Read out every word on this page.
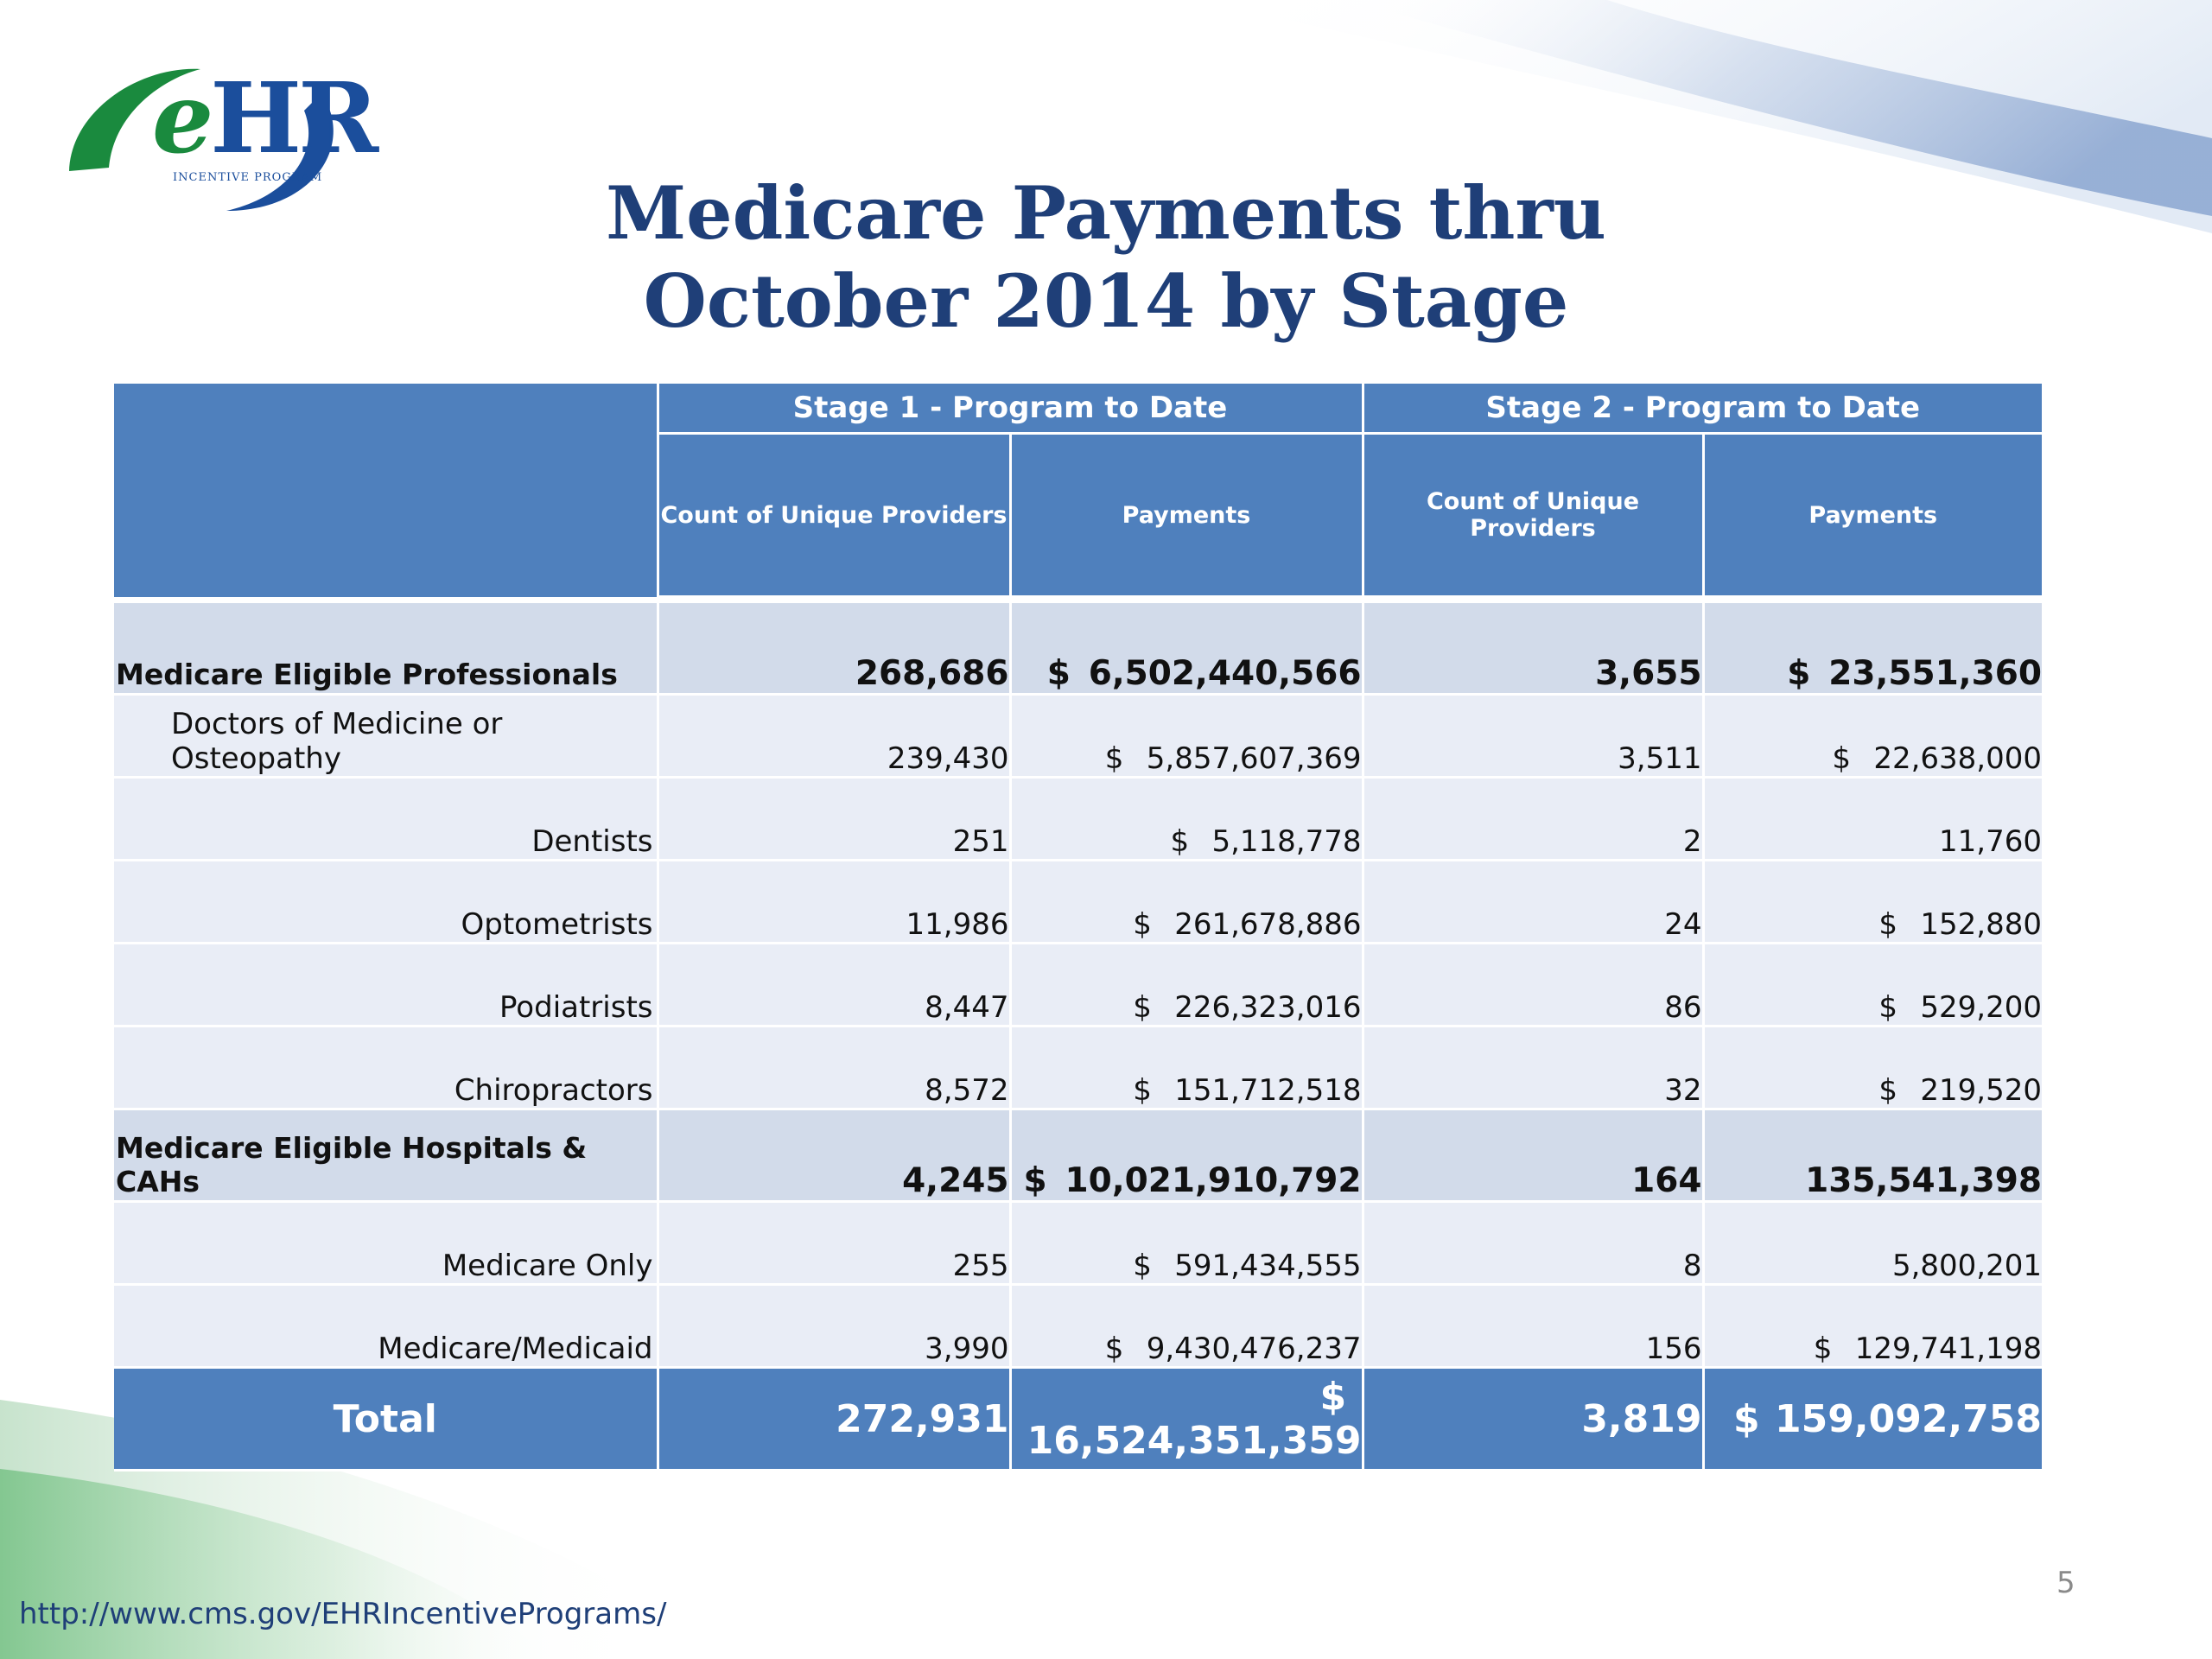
eHR
INCENTIVE PROGRAM	Medicare Payments thru
October 2014 by Stage
	Stage 1 - Program to Date		Stage 2 - Program to Date	
	Count of Unique Providers	Payments	Count of Unique Providers	Payments

Medicare Eligible Professionals	268,686	$ 6,502,440,566	3,655	$ 23,551,360
Doctors of Medicine or Osteopathy	239,430	$ 5,857,607,369	3,511	$ 22,638,000
Dentists	251	$ 5,118,778	2	11,760
Optometrists	11,986	$ 261,678,886	24	$ 152,880
Podiatrists	8,447	$ 226,323,016	86	$ 529,200
Chiropractors	8,572	$ 151,712,518	32	$ 219,520
Medicare Eligible Hospitals & CAHs	4,245	$ 10,021,910,792	164	135,541,398
Medicare Only	255	$ 591,434,555	8	5,800,201
Medicare/Medicaid	3,990	$ 9,430,476,237	156	$ 129,741,198
Total	272,931	$16,524,351,359	3,819	$ 159,092,758
http://www.cms.gov/EHRIncentivePrograms/
5
